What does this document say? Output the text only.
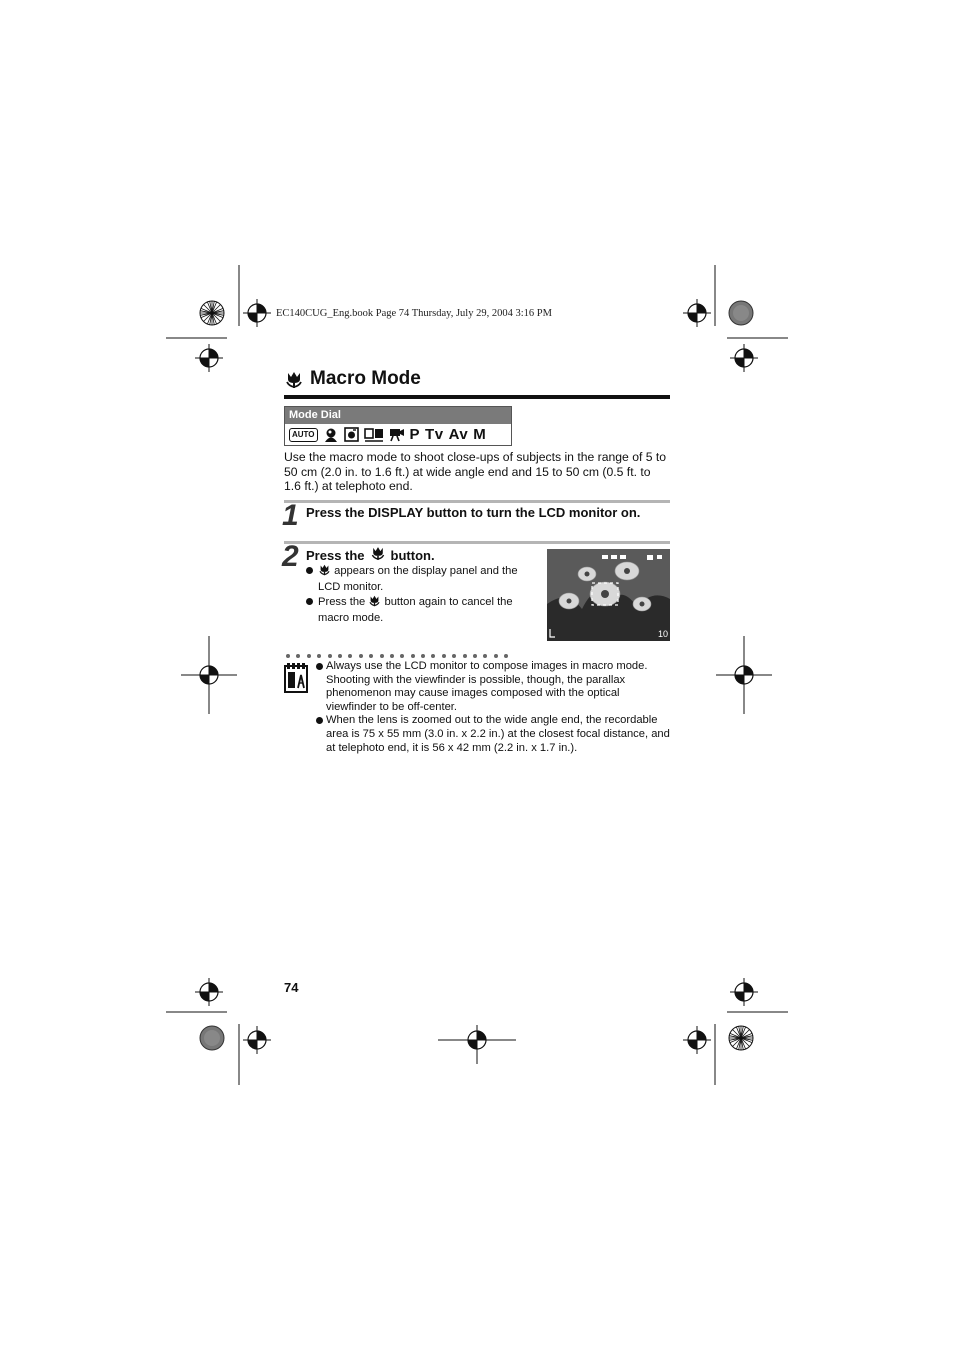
EC140CUG_Eng.book Page 74 Thursday, July 29, 2004 3:16 PM
Macro Mode
Mode Dial
AUTO	P Tv Av M
Use the macro mode to shoot close-ups of subjects in the range of 5 to 50 cm (2.0 in. to 1.6 ft.) at wide angle end and 15 to 50 cm (0.5 ft. to 1.6 ft.) at telephoto end.
1 Press the DISPLAY button to turn the LCD monitor on.
2 Press the button.
appears on the display panel and the LCD monitor.
Press the button again to cancel the macro mode.
10
Always use the LCD monitor to compose images in macro mode. Shooting with the viewfinder is possible, though, the parallax phenomenon may cause images composed with the optical viewfinder to be off-center.
When the lens is zoomed out to the wide angle end, the recordable area is 75 x 55 mm (3.0 in. x 2.2 in.) at the closest focal distance, and at telephoto end, it is 56 x 42 mm (2.2 in. x 1.7 in.).
74
